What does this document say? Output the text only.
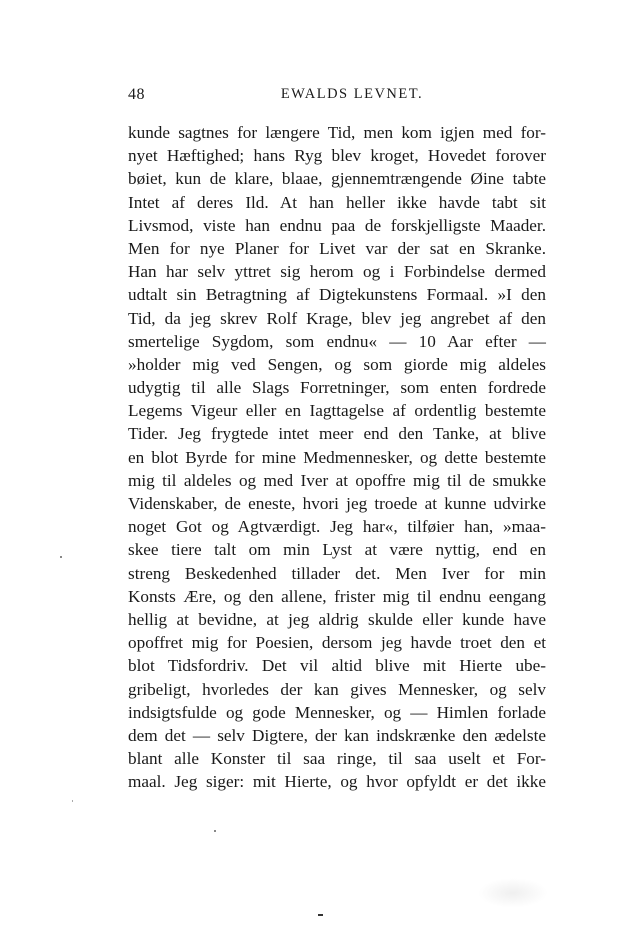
48	EWALDS LEVNET.
kunde sagtnes for længere Tid, men kom igjen med for-
nyet Hæftighed; hans Ryg blev kroget, Hovedet forover
bøiet, kun de klare, blaae, gjennemtrængende Øine tabte
Intet af deres Ild. At han heller ikke havde tabt sit
Livsmod, viste han endnu paa de forskjelligste Maader.
Men for nye Planer for Livet var der sat en Skranke.
Han har selv yttret sig herom og i Forbindelse dermed
udtalt sin Betragtning af Digtekunstens Formaal. »I den
Tid, da jeg skrev Rolf Krage, blev jeg angrebet af den
smertelige Sygdom, som endnu« — 10 Aar efter —
»holder mig ved Sengen, og som giorde mig aldeles
udygtig til alle Slags Forretninger, som enten fordrede
Legems Vigeur eller en Iagttagelse af ordentlig bestemte
Tider. Jeg frygtede intet meer end den Tanke, at blive
en blot Byrde for mine Medmennesker, og dette bestemte
mig til aldeles og med Iver at opoffre mig til de smukke
Videnskaber, de eneste, hvori jeg troede at kunne udvirke
noget Got og Agtværdigt. Jeg har«, tilføier han, »maa-
skee tiere talt om min Lyst at være nyttig, end en
streng Beskedenhed tillader det. Men Iver for min
Konsts Ære, og den allene, frister mig til endnu eengang
hellig at bevidne, at jeg aldrig skulde eller kunde have
opoffret mig for Poesien, dersom jeg havde troet den et
blot Tidsfordriv. Det vil altid blive mit Hierte ube-
gribeligt, hvorledes der kan gives Mennesker, og selv
indsigtsfulde og gode Mennesker, og — Himlen forlade
dem det — selv Digtere, der kan indskrænke den ædelste
blant alle Konster til saa ringe, til saa uselt et For-
maal. Jeg siger: mit Hierte, og hvor opfyldt er det ikke
